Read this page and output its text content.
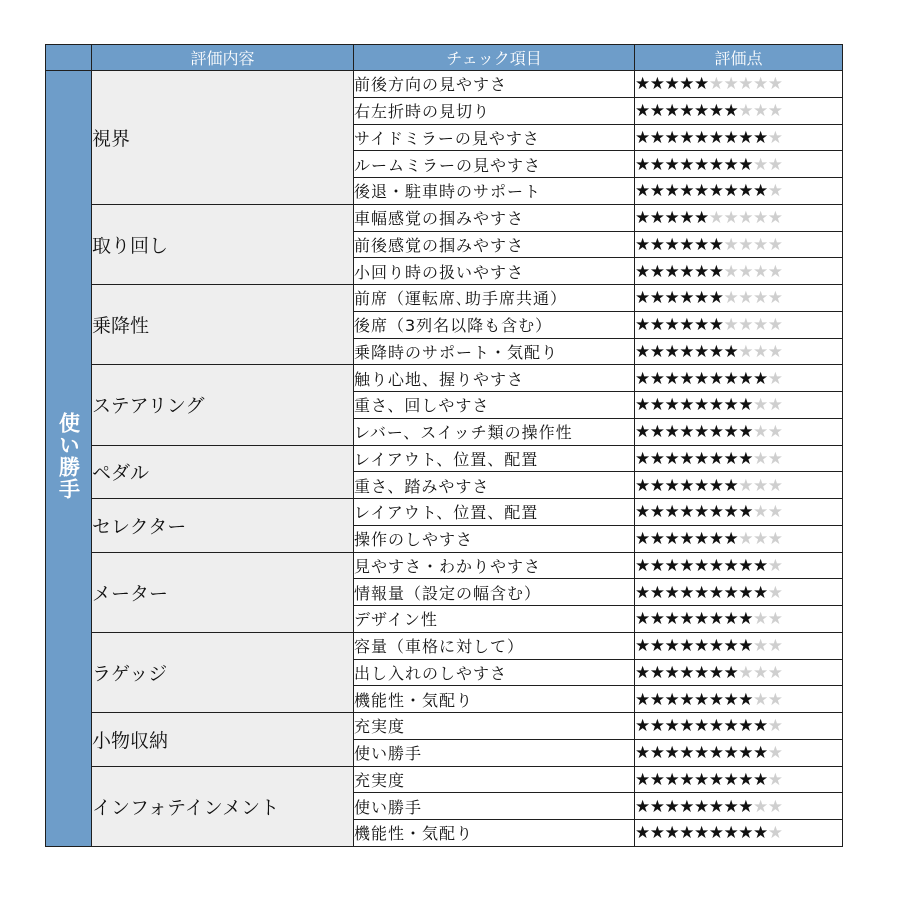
	評価内容	チェック項目	評価点
使い勝手	視界	前後方向の見やすさ	★★★★★★★★★★
		右左折時の見切り	★★★★★★★★★★
		サイドミラーの見やすさ	★★★★★★★★★★
		ルームミラーの見やすさ	★★★★★★★★★★
		後退・駐車時のサポート	★★★★★★★★★★
	取り回し	車幅感覚の掴みやすさ	★★★★★★★★★★
		前後感覚の掴みやすさ	★★★★★★★★★★
		小回り時の扱いやすさ	★★★★★★★★★★
	乗降性	前席（運転席､助手席共通）	★★★★★★★★★★
		後席（3列名以降も含む）	★★★★★★★★★★
		乗降時のサポート・気配り	★★★★★★★★★★
	ステアリング	触り心地、握りやすさ	★★★★★★★★★★
		重さ、回しやすさ	★★★★★★★★★★
		レバー、スイッチ類の操作性	★★★★★★★★★★
	ペダル	レイアウト、位置、配置	★★★★★★★★★★
		重さ、踏みやすさ	★★★★★★★★★★
	セレクター	レイアウト、位置、配置	★★★★★★★★★★
		操作のしやすさ	★★★★★★★★★★
	メーター	見やすさ・わかりやすさ	★★★★★★★★★★
		情報量（設定の幅含む）	★★★★★★★★★★
		デザイン性	★★★★★★★★★★
	ラゲッジ	容量（車格に対して）	★★★★★★★★★★
		出し入れのしやすさ	★★★★★★★★★★
		機能性・気配り	★★★★★★★★★★
	小物収納	充実度	★★★★★★★★★★
		使い勝手	★★★★★★★★★★
	インフォテインメント	充実度	★★★★★★★★★★
		使い勝手	★★★★★★★★★★
		機能性・気配り	★★★★★★★★★★
